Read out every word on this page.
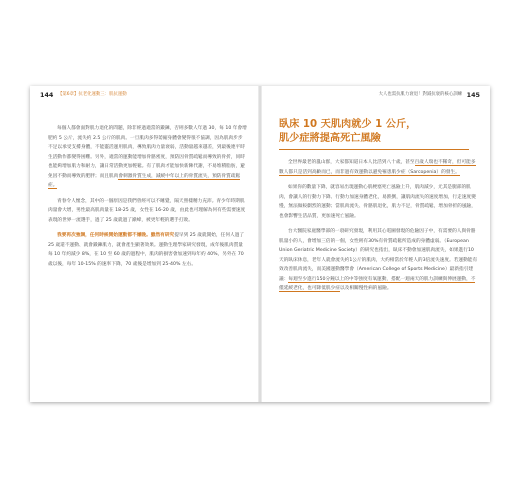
144 【第6章】抗老化運動三：肌抗運動

每個人都會面對肌力退化的問題，除非經過適當的鍛鍊，否則多數人年過 30，每 10 年會增肥約 5 公斤，流失約 2.5 公斤的肌肉。一旦肌肉多得萎縮身體會變得很不協調，因為肌肉步步不足以承受支撐身體，不能靈活運用肌肉，導致肌肉力量衰弱，活動量越來越差，到最後連平時生活動作都變得困難。另外，適當的運動能增加骨骼密度，預防因骨質疏鬆而導致的骨折，同時也能夠增加肌力和耐力，讓日常活動更加輕鬆。有了肌肉才能加快新陳代謝，不易堆積脂肪，避免因不動而導致的肥胖；而且肌肉會刺激骨質生成，減緩中年以上的骨質流失，預防骨質疏鬆症。

青春令人懷念，其中的一個原因是我們曾經可以不睡覺，隔天照樣精力充沛。青少年時期肌肉量會大增，男性最高肌肉量在 18-25 歲，女性在 16-20 歲，由此也可理解為何有些需要速度表現的世界一流選手，過了 25 歲就過了巔峰，被更年輕的選手打敗。

我要再次強調，任何時候開始運動都不嫌晚。雖然有研究提早到 25 歲就開始，任何人過了 25 歲還不運動、就會鍛鍊肌力，就會產生顯著效果。運動生理學家研究發現，成年後肌肉質量每 10 年約減少 8%，在 10 至 60 歲的過程中，肌肉的損害會加速到每年約 40%，另外在 70 歲以後，每年 10-15% 的速率下降，70 歲後是增加到 25-40% 左右。

大人也需抗肌力衰退！對減抗衰的核心訓練 145
臥床 10 天肌肉就少 1 公斤，
肌少症將提高死亡風險

全世界最老的嵐山群，大家都知道日本人比活到八十歲，甚至百歲人瑞也不稀奇，但可能多數人都只是活到高齡而已，而非過有效運動以避免罹患肌少症（Sarcopenia）的發生。

如果你的數量下降，就容易出現運動心肌梗塞死亡風險上升，肌肉減少，尤其是腿部的肌肉，會讓人的行動力下降、行動力加速身體老化，易跌倒，讓肌肉流失的速度增加，行走速度變慢，無法做較劇烈的運動；當肌肉流失、骨骼肌退化，肌力不足，骨質疏鬆，增加骨折的風險，也會影響生活品質，更加速死亡風險。

台大醫院家庭醫學部的一項研究發現，利用其心電圖發現的危險因子中，有需要的人與骨骼肌量小的人，會增加三倍的一個，女性則有30%有骨質疏鬆所造成的身體虛弱。（European Union Geriatric Medicine Society）的研究也指出，臥床不動會加速肌肉流失，如果進行10天的臥床休息，老年人就會流失約1公斤的肌肉，大約相當於年輕人的3倍流失速度。若運動能有效改善肌肉流失，而美國運動醫學會（American College of Sports Medicine）最新指引建議：每週至少進行150分鐘以上的中等強度有氧運動，搭配一週兩天的肌力訓練與伸展運動，不僅延緩老化，也可降低肌少症以及相關慢性病的風險。
